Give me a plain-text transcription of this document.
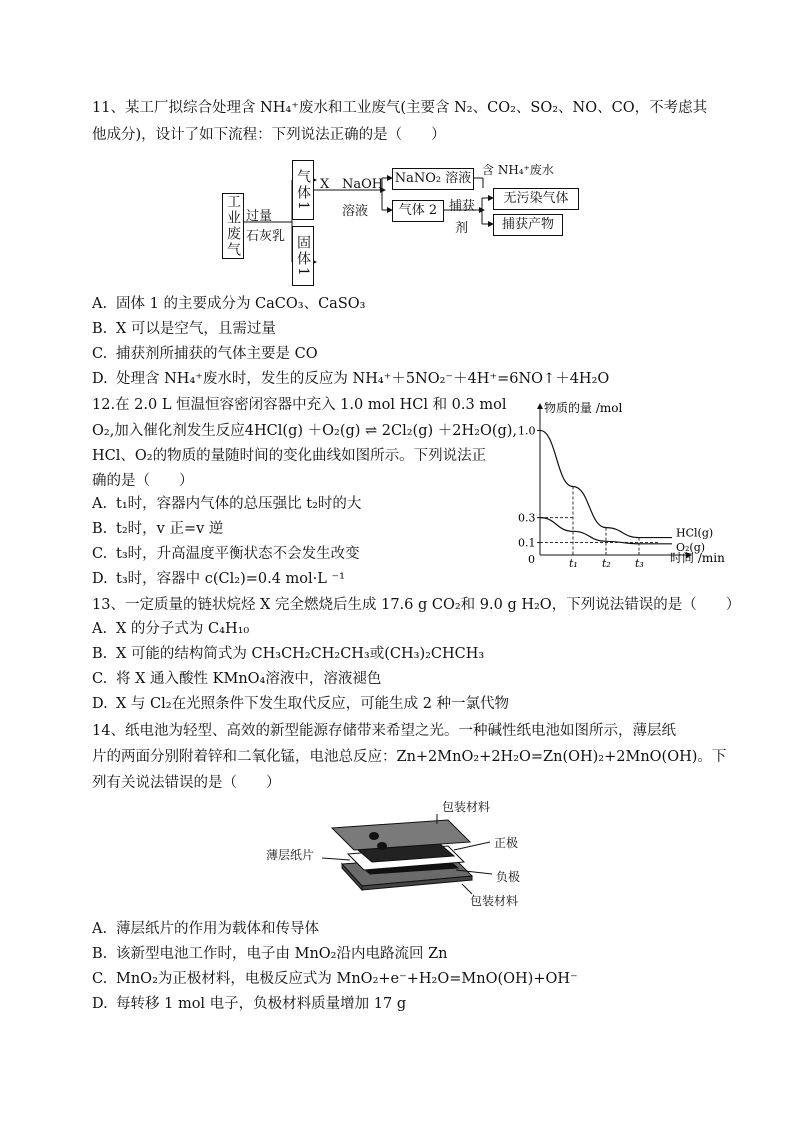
11、某工厂拟综合处理含 NH₄⁺废水和工业废气(主要含 N₂、CO₂、SO₂、NO、CO，不考虑其
他成分)，设计了如下流程：下列说法正确的是（　　）
工业废气 过量
石灰乳
气体1
固体1
X NaOH
溶液
NaNO₂ 溶液
含 NH₄⁺废水
气体 2 捕获
剂
无污染气体
捕获产物
A. 固体 1 的主要成分为 CaCO₃、CaSO₃
B. X 可以是空气，且需过量
C. 捕获剂所捕获的气体主要是 CO
D. 处理含 NH₄⁺废水时，发生的反应为 NH₄⁺＋5NO₂⁻＋4H⁺=6NO↑＋4H₂O
12.在 2.0 L 恒温恒容密闭容器中充入 1.0 mol HCl 和 0.3 mol
O₂,加入催化剂发生反应4HCl(g) ＋O₂(g) ⇌ 2Cl₂(g) ＋2H₂O(g),
HCl、O₂的物质的量随时间的变化曲线如图所示。下列说法正
确的是（　　）
A. t₁时，容器内气体的总压强比 t₂时的大
B. t₂时，v 正=v 逆
C. t₃时，升高温度平衡状态不会发生改变
D. t₃时，容器中 c(Cl₂)=0.4 mol·L ⁻¹
物质的量 /mol
时间 /min
0
1.0
0.3
0.1
t₁ t₂ t₃
HCl(g)
O₂(g)
13、一定质量的链状烷烃 X 完全燃烧后生成 17.6 g CO₂和 9.0 g H₂O，下列说法错误的是（　　）
A. X 的分子式为 C₄H₁₀
B. X 可能的结构简式为 CH₃CH₂CH₂CH₃或(CH₃)₂CHCH₃
C. 将 X 通入酸性 KMnO₄溶液中，溶液褪色
D. X 与 Cl₂在光照条件下发生取代反应，可能生成 2 种一氯代物
14、纸电池为轻型、高效的新型能源存储带来希望之光。一种碱性纸电池如图所示，薄层纸
片的两面分别附着锌和二氧化锰，电池总反应：Zn+2MnO₂+2H₂O=Zn(OH)₂+2MnO(OH)。下
列有关说法错误的是（　　）
包装材料
正极
薄层纸片
负极
包装材料
A. 薄层纸片的作用为载体和传导体
B. 该新型电池工作时，电子由 MnO₂沿内电路流回 Zn
C. MnO₂为正极材料，电极反应式为 MnO₂+e⁻+H₂O=MnO(OH)+OH⁻
D. 每转移 1 mol 电子，负极材料质量增加 17 g
